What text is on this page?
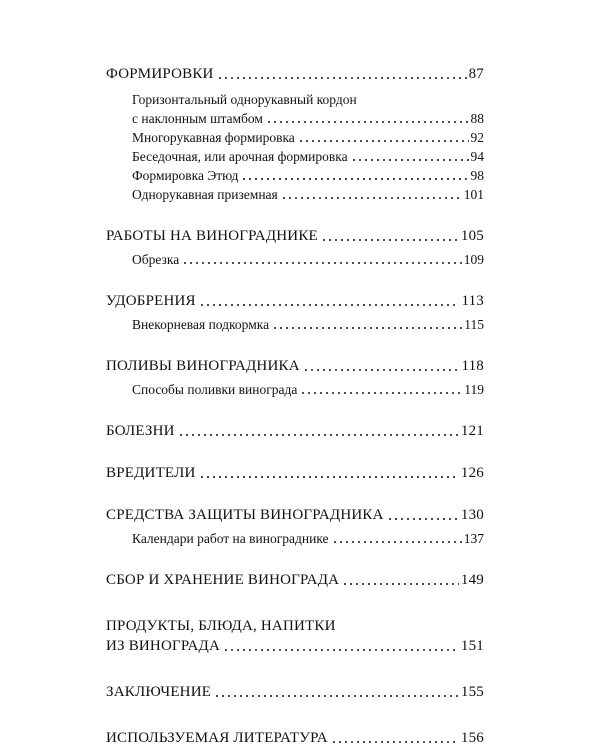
ФОРМИРОВКИ	87
Горизонтальный однорукавный кордон
с наклонным штамбом	88
Многорукавная формировка	92
Беседочная, или арочная формировка	94
Формировка Этюд	98
Однорукавная приземная	101
РАБОТЫ НА ВИНОГРАДНИКЕ	105
Обрезка	109
УДОБРЕНИЯ	113
Внекорневая подкормка	115
ПОЛИВЫ ВИНОГРАДНИКА	118
Способы поливки винограда	119
БОЛЕЗНИ	121
ВРЕДИТЕЛИ	126
СРЕДСТВА ЗАЩИТЫ ВИНОГРАДНИКА	130
Календари работ на винограднике	137
СБОР И ХРАНЕНИЕ ВИНОГРАДА	149
ПРОДУКТЫ, БЛЮДА, НАПИТКИ
ИЗ ВИНОГРАДА	151
ЗАКЛЮЧЕНИЕ	155
ИСПОЛЬЗУЕМАЯ ЛИТЕРАТУРА	156
